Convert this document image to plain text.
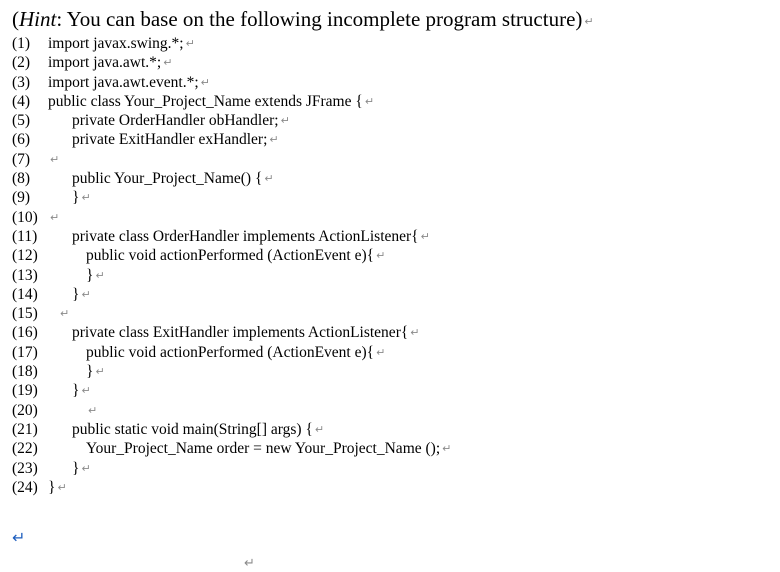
(Hint: You can base on the following incomplete program structure) ↵
(1) import javax.swing.*; ↵
(2) import java.awt.*; ↵
(3) import java.awt.event.*; ↵
(4) public class Your_Project_Name extends JFrame { ↵
(5)	private OrderHandler obHandler; ↵
(6)	private ExitHandler exHandler; ↵
(7) ↵
(8)	public Your_Project_Name() { ↵
(9)	} ↵
(10) ↵
(11) private class OrderHandler implements ActionListener{ ↵
(12)	public void actionPerformed (ActionEvent e){ ↵
(13)	} ↵
(14) } ↵
(15) ↵
(16) private class ExitHandler implements ActionListener{ ↵
(17)	public void actionPerformed (ActionEvent e){ ↵
(18)	} ↵
(19) } ↵
(20)	↵
(21) public static void main(String[] args) { ↵
(22)	Your_Project_Name order = new Your_Project_Name (); ↵
(23) } ↵
(24) } ↵
↵
↵
